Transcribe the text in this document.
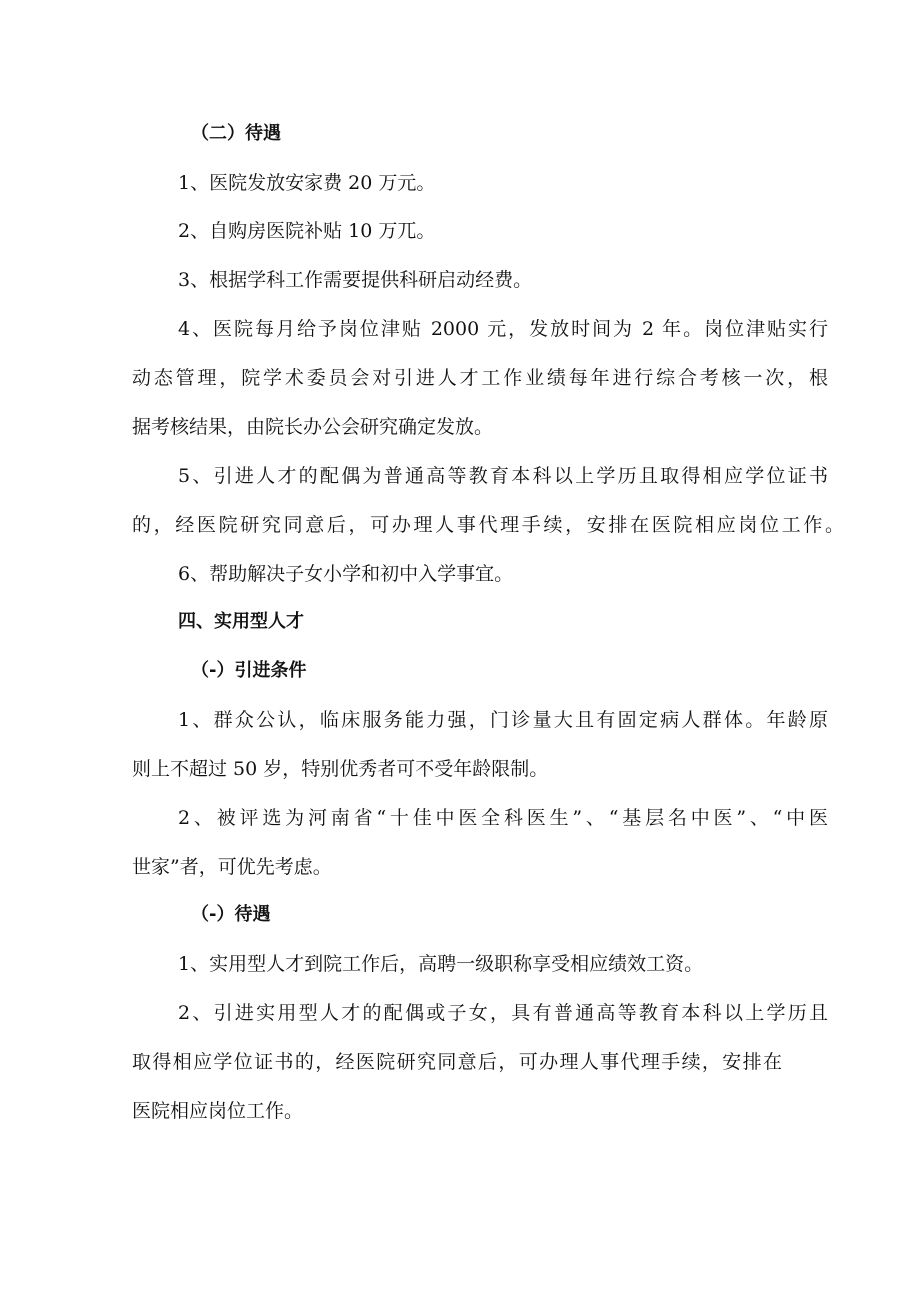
（二）待遇
1、医院发放安家费 20 万元。
2、自购房医院补贴 10 万兀。
3、根据学科工作需要提供科研启动经费。
4、医院每月给予岗位津贴 2000 元，发放时间为 2 年。岗位津贴实行
动态管理，院学术委员会对引进人才工作业绩每年进行综合考核一次，根
据考核结果，由院长办公会研究确定发放。
5、引进人才的配偶为普通高等教育本科以上学历且取得相应学位证书
的，经医院研究同意后，可办理人事代理手续，安排在医院相应岗位工作。
6、帮助解决子女小学和初中入学事宜。
四、实用型人才
（-）引进条件
1、群众公认，临床服务能力强，门诊量大且有固定病人群体。年龄原
则上不超过 50 岁，特别优秀者可不受年龄限制。
2、被评选为河南省“十佳中医全科医生”、“基层名中医”、“中医
世家”者，可优先考虑。
（-）待遇
1、实用型人才到院工作后，高聘一级职称享受相应绩效工资。
2、引进实用型人才的配偶或子女，具有普通高等教育本科以上学历且
取得相应学位证书的，经医院研究同意后，可办理人事代理手续，安排在
医院相应岗位工作。
